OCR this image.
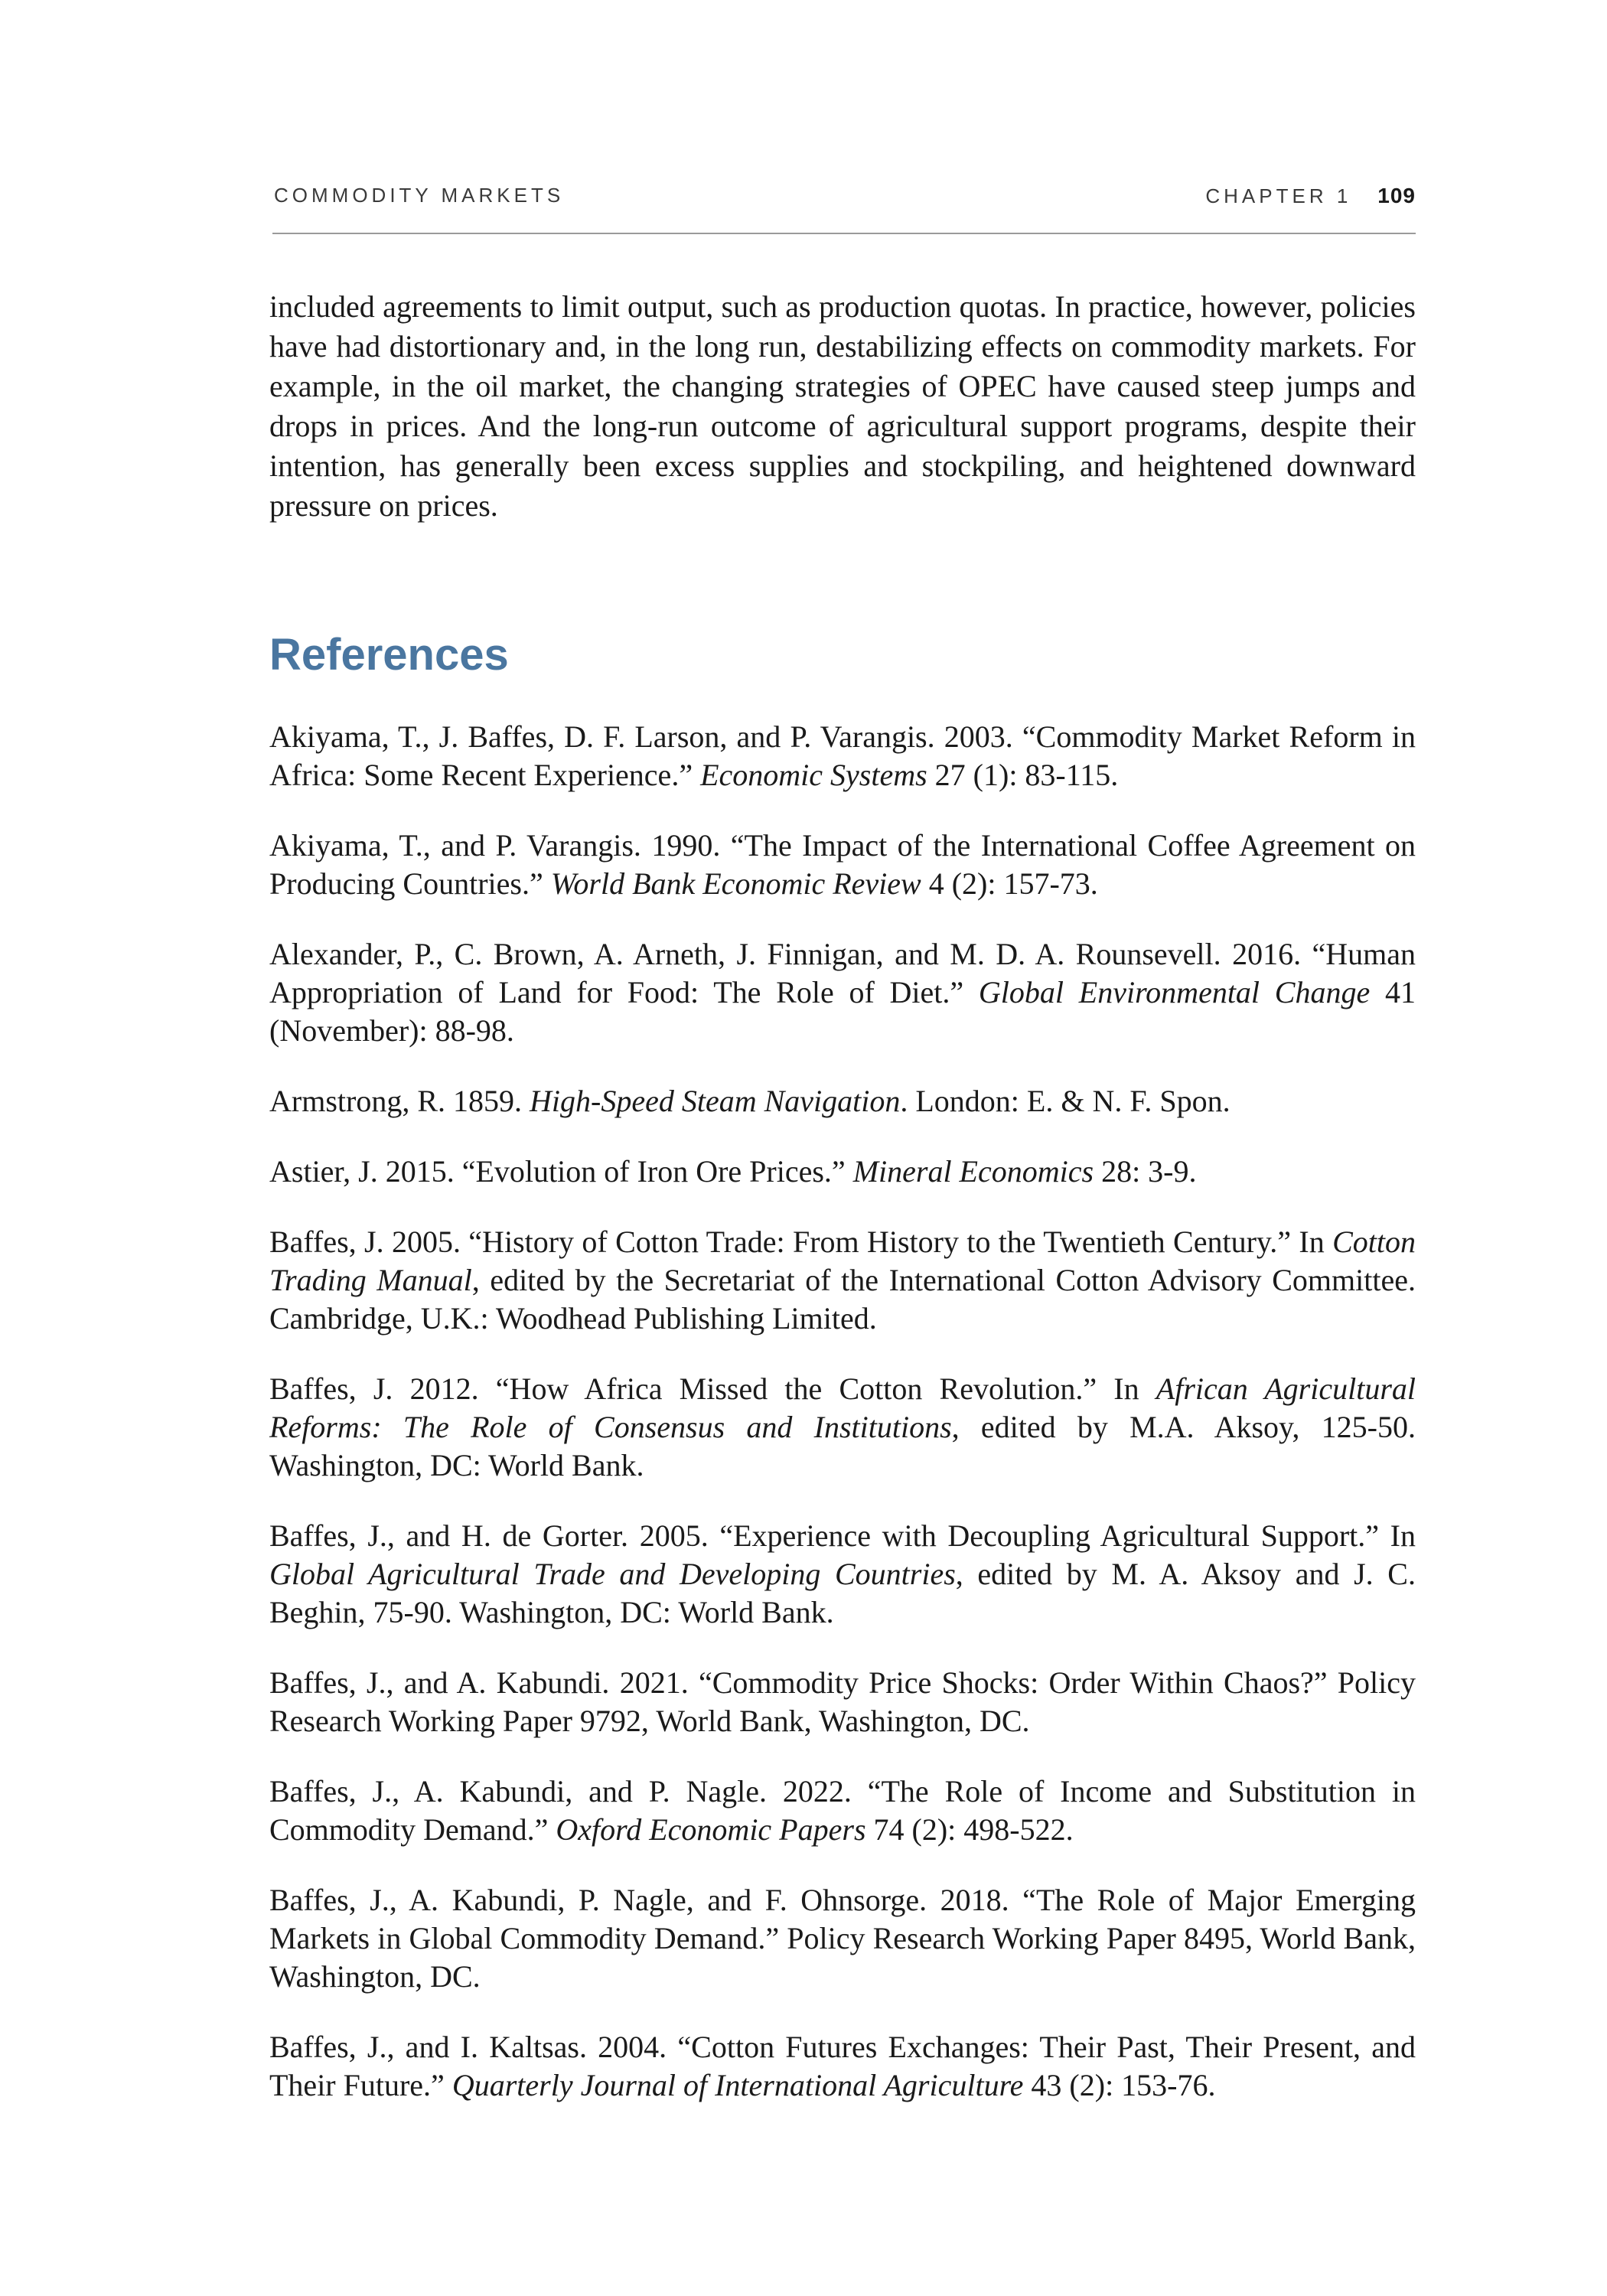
COMMODITY MARKETS	CHAPTER 1 109

included agreements to limit output, such as production quotas. In practice, however, policies have had distortionary and, in the long run, destabilizing effects on commodity markets. For example, in the oil market, the changing strategies of OPEC have caused steep jumps and drops in prices. And the long-run outcome of agricultural support programs, despite their intention, has generally been excess supplies and stockpiling, and heightened downward pressure on prices.

References
Akiyama, T., J. Baffes, D. F. Larson, and P. Varangis. 2003. “Commodity Market Reform in Africa: Some Recent Experience.” Economic Systems 27 (1): 83-115.
Akiyama, T., and P. Varangis. 1990. “The Impact of the International Coffee Agreement on Producing Countries.” World Bank Economic Review 4 (2): 157-73.
Alexander, P., C. Brown, A. Arneth, J. Finnigan, and M. D. A. Rounsevell. 2016. “Human Appropriation of Land for Food: The Role of Diet.” Global Environmental Change 41 (November): 88-98.
Armstrong, R. 1859. High-Speed Steam Navigation. London: E. & N. F. Spon.
Astier, J. 2015. “Evolution of Iron Ore Prices.” Mineral Economics 28: 3-9.
Baffes, J. 2005. “History of Cotton Trade: From History to the Twentieth Century.” In Cotton Trading Manual, edited by the Secretariat of the International Cotton Advisory Committee. Cambridge, U.K.: Woodhead Publishing Limited.
Baffes, J. 2012. “How Africa Missed the Cotton Revolution.” In African Agricultural Reforms: The Role of Consensus and Institutions, edited by M.A. Aksoy, 125-50. Washington, DC: World Bank.
Baffes, J., and H. de Gorter. 2005. “Experience with Decoupling Agricultural Support.” In Global Agricultural Trade and Developing Countries, edited by M. A. Aksoy and J. C. Beghin, 75-90. Washington, DC: World Bank.
Baffes, J., and A. Kabundi. 2021. “Commodity Price Shocks: Order Within Chaos?” Policy Research Working Paper 9792, World Bank, Washington, DC.
Baffes, J., A. Kabundi, and P. Nagle. 2022. “The Role of Income and Substitution in Commodity Demand.” Oxford Economic Papers 74 (2): 498-522.
Baffes, J., A. Kabundi, P. Nagle, and F. Ohnsorge. 2018. “The Role of Major Emerging Markets in Global Commodity Demand.” Policy Research Working Paper 8495, World Bank, Washington, DC.
Baffes, J., and I. Kaltsas. 2004. “Cotton Futures Exchanges: Their Past, Their Present, and Their Future.” Quarterly Journal of International Agriculture 43 (2): 153-76.
